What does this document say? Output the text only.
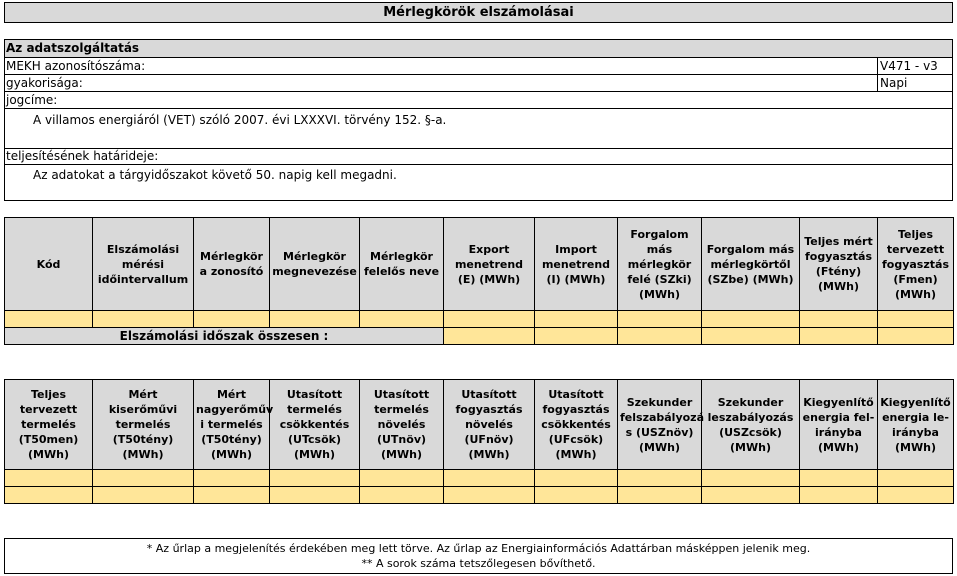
Mérlegkörök elszámolásai
Az adatszolgáltatás
MEKH azonosítószáma:	V471 - v3
gyakorisága:	Napi
jogcíme:
A villamos energiáról (VET) szóló 2007. évi LXXXVI. törvény 152. §-a.
teljesítésének határideje:
Az adatokat a tárgyidőszakot követő 50. napig kell megadni.
Kód	Elszámolási mérési időintervallum	Mérlegkör a zonosító	Mérlegkör megnevezése	Mérlegkör felelős neve	Export menetrend (E) (MWh)	Import menetrend (I) (MWh)	Forgalom más mérlegkör felé (SZki) (MWh)	Forgalom más mérlegkörtől (SZbe) (MWh)	Teljes mért fogyasztás (Ftény) (MWh)	Teljes tervezett fogyasztás (Fmen) (MWh)

Elszámolási időszak összesen :										
Teljes tervezett termelés (T50men) (MWh)	Mért kiserőművi termelés (T50tény) (MWh)	Mért nagyerőműv i termelés (T50tény) (MWh)	Utasított termelés csökkentés (UTcsök) (MWh)	Utasított termelés növelés (UTnöv) (MWh)	Utasított fogyasztás növelés (UFnöv) (MWh)	Utasított fogyasztás csökkentés (UFcsök) (MWh)	Szekunder felszabályozá s (USZnöv) (MWh)	Szekunder leszabályozás (USZcsök) (MWh)	Kiegyenlítő energia fel-irányba (MWh)	Kiegyenlítő energia le-irányba (MWh)

* Az űrlap a megjelenítés érdekében meg lett törve. Az űrlap az Energiainformációs Adattárban másképpen jelenik meg.
** A sorok száma tetszőlegesen bővíthető.
